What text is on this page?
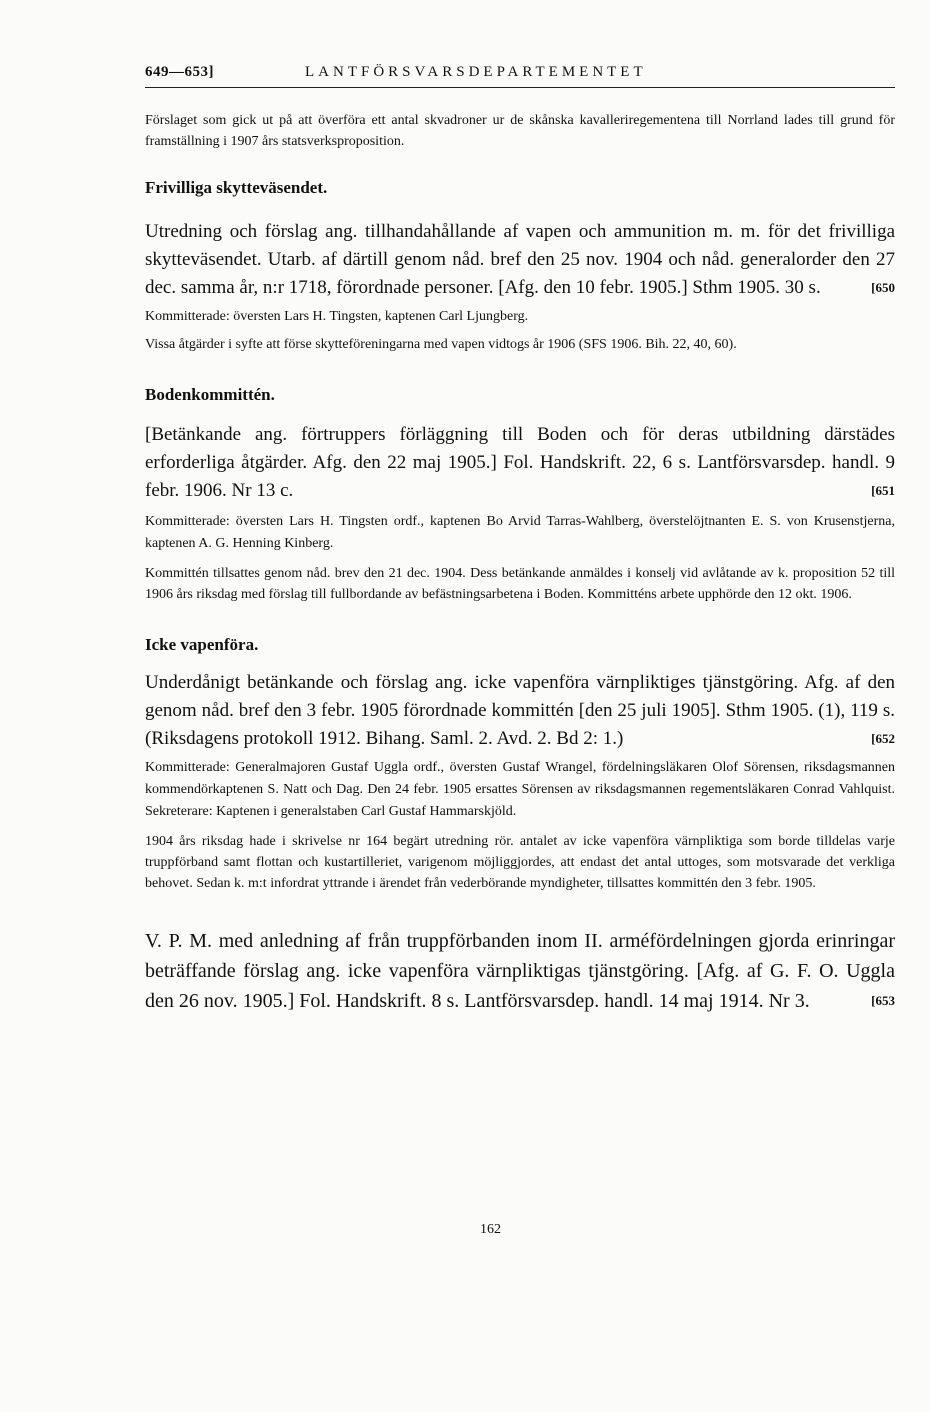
649—653]	LANTFÖRSVARSDEPARTEMENTET

Förslaget som gick ut på att överföra ett antal skvadroner ur de skånska kavalleriregementena till Norrland lades till grund för framställning i 1907 års statsverksproposition.

Frivilliga skytteväsendet.

Utredning och förslag ang. tillhandahållande af vapen och ammunition m. m. för det frivilliga skytteväsendet. Utarb. af därtill genom nåd. bref den 25 nov. 1904 och nåd. generalorder den 27 dec. samma år, n:r 1718, förordnade personer. [Afg. den 10 febr. 1905.] Sthm 1905. 30 s.	[650

Kommitterade: översten Lars H. Tingsten, kaptenen Carl Ljungberg.

Vissa åtgärder i syfte att förse skytteföreningarna med vapen vidtogs år 1906 (SFS 1906. Bih. 22, 40, 60).

Bodenkommittén.

[Betänkande ang. förtruppers förläggning till Boden och för deras utbildning därstädes erforderliga åtgärder. Afg. den 22 maj 1905.] Fol. Handskrift. 22, 6 s. Lantförsvarsdep. handl. 9 febr. 1906. Nr 13 c.	[651

Kommitterade: översten Lars H. Tingsten ordf., kaptenen Bo Arvid Tarras-Wahlberg, överstelöjtnanten E. S. von Krusenstjerna, kaptenen A. G. Henning Kinberg.

Kommittén tillsattes genom nåd. brev den 21 dec. 1904. Dess betänkande anmäldes i konselj vid avlåtande av k. proposition 52 till 1906 års riksdag med förslag till fullbordande av befästningsarbetena i Boden. Kommitténs arbete upphörde den 12 okt. 1906.

Icke vapenföra.

Underdånigt betänkande och förslag ang. icke vapenföra värnpliktiges tjänstgöring. Afg. af den genom nåd. bref den 3 febr. 1905 förordnade kommittén [den 25 juli 1905]. Sthm 1905. (1), 119 s. (Riksdagens protokoll 1912. Bihang. Saml. 2. Avd. 2. Bd 2: 1.)	[652

Kommitterade: Generalmajoren Gustaf Uggla ordf., översten Gustaf Wrangel, fördelningsläkaren Olof Sörensen, riksdagsmannen kommendörkaptenen S. Natt och Dag. Den 24 febr. 1905 ersattes Sörensen av riksdagsmannen regementsläkaren Conrad Vahlquist. Sekreterare: Kaptenen i generalstaben Carl Gustaf Hammarskjöld.

1904 års riksdag hade i skrivelse nr 164 begärt utredning rör. antalet av icke vapenföra värnpliktiga som borde tilldelas varje truppförband samt flottan och kustartilleriet, varigenom möjliggjordes, att endast det antal uttoges, som motsvarade det verkliga behovet. Sedan k. m:t infordrat yttrande i ärendet från vederbörande myndigheter, tillsattes kommittén den 3 febr. 1905.

V. P. M. med anledning af från truppförbanden inom II. arméfördelningen gjorda erinringar beträffande förslag ang. icke vapenföra värnpliktigas tjänstgöring. [Afg. af G. F. O. Uggla den 26 nov. 1905.] Fol. Handskrift. 8 s. Lantförsvarsdep. handl. 14 maj 1914. Nr 3.	[653

162
